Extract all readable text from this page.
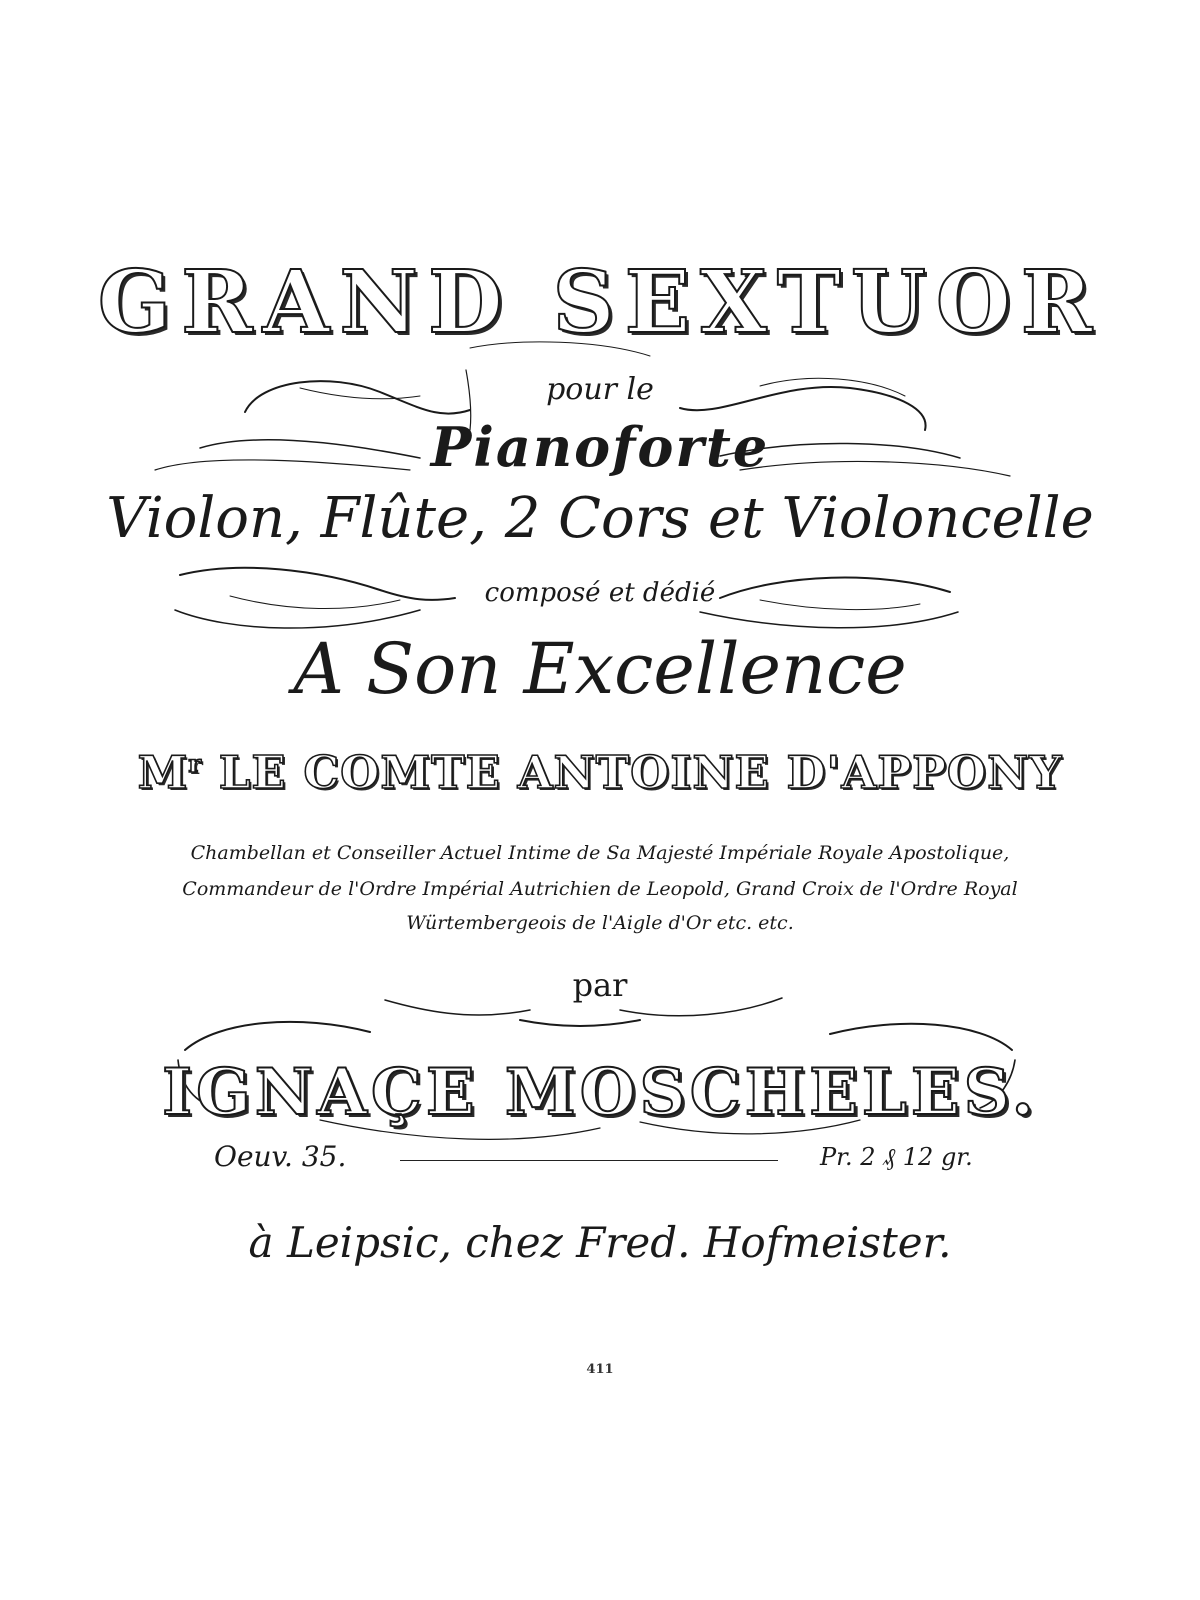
GRAND SEXTUOR
pour le
Pianoforte
Violon, Flûte, 2 Cors et Violoncelle
composé et dédié
A Son Excellence
$M^r$ LE COMTE ANTOINE D'APPONY
Chambellan et Conseiller Actuel Intime de Sa Majesté Impériale Royale Apostolique,
Commandeur de l'Ordre Impérial Autrichien de Leopold, Grand Croix de l'Ordre Royal
Würtembergeois de l'Aigle d'Or etc. etc.
par
IGNAÇE MOSCHELES.
Oeuv. 35.	Pr. 2 ₰ 12 gr.
à Leipsic, chez Fred. Hofmeister.
411
